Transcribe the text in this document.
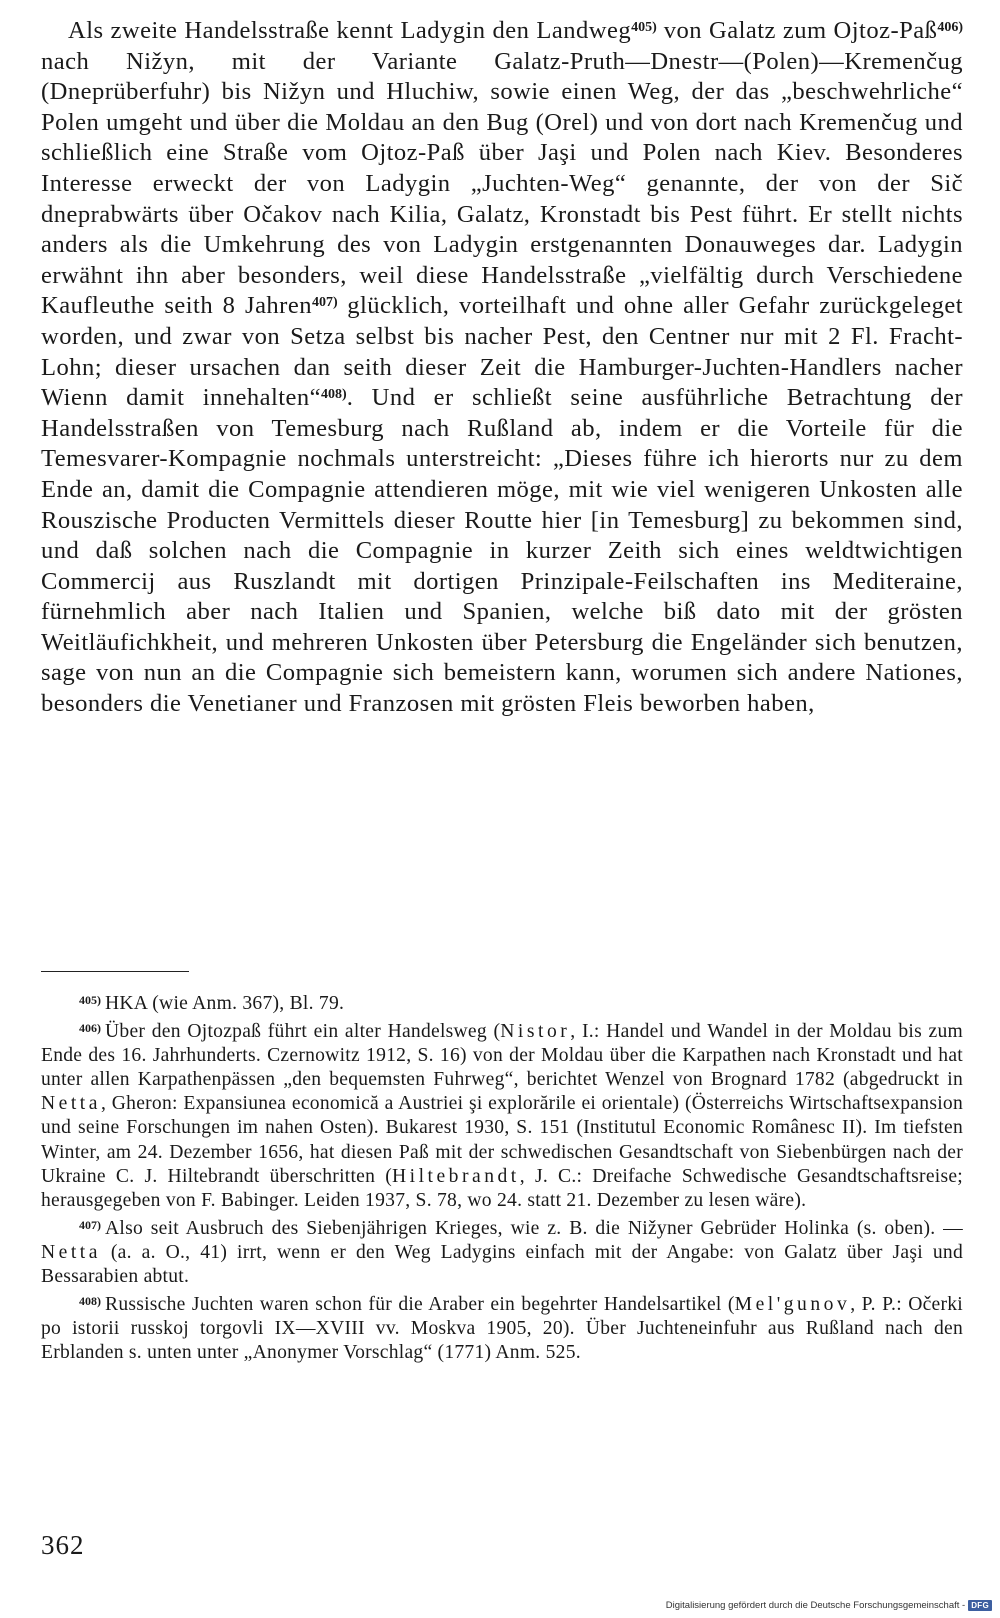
Als zweite Handelsstraße kennt Ladygin den Landweg$^{405)}$ von Galatz zum Ojtoz-Paß$^{406)}$ nach Nižyn, mit der Variante Galatz-Pruth—Dnestr—(Polen)—Kremenčug (Dneprüberfuhr) bis Nižyn und Hluchiw, sowie einen Weg, der das „beschwehrliche“ Polen umgeht und über die Moldau an den Bug (Orel) und von dort nach Kremenčug und schließlich eine Straße vom Ojtoz-Paß über Jaşi und Polen nach Kiev. Besonderes Interesse erweckt der von Ladygin „Juchten-Weg“ genannte, der von der Sič dneprabwärts über Očakov nach Kilia, Galatz, Kronstadt bis Pest führt. Er stellt nichts anders als die Umkehrung des von Ladygin erstgenannten Donauweges dar. Ladygin erwähnt ihn aber besonders, weil diese Handelsstraße „vielfältig durch Verschiedene Kaufleuthe seith 8 Jahren$^{407)}$ glücklich, vorteilhaft und ohne aller Gefahr zurückgeleget worden, und zwar von Setza selbst bis nacher Pest, den Centner nur mit 2 Fl. Fracht-Lohn; dieser ursachen dan seith dieser Zeit die Hamburger-Juchten-Handlers nacher Wienn damit innehalten“$^{408)}$. Und er schließt seine ausführliche Betrachtung der Handelsstraßen von Temesburg nach Rußland ab, indem er die Vorteile für die Temesvarer-Kompagnie nochmals unterstreicht: „Dieses führe ich hierorts nur zu dem Ende an, damit die Compagnie attendieren möge, mit wie viel wenigeren Unkosten alle Rouszische Producten Vermittels dieser Routte hier [in Temesburg] zu bekommen sind, und daß solchen nach die Compagnie in kurzer Zeith sich eines weldtwichtigen Commercij aus Ruszlandt mit dortigen Prinzipale-Feilschaften ins Mediteraine, fürnehmlich aber nach Italien und Spanien, welche biß dato mit der grösten Weitläufichkheit, und mehreren Unkosten über Petersburg die Engeländer sich benutzen, sage von nun an die Compagnie sich bemeistern kann, worumen sich andere Nationes, besonders die Venetianer und Franzosen mit grösten Fleis beworben haben,

$^{405)}$ HKA (wie Anm. 367), Bl. 79.

$^{406)}$ Über den Ojtozpaß führt ein alter Handelsweg (Nistor, I.: Handel und Wandel in der Moldau bis zum Ende des 16. Jahrhunderts. Czernowitz 1912, S. 16) von der Moldau über die Karpathen nach Kronstadt und hat unter allen Karpathenpässen „den bequemsten Fuhrweg“, berichtet Wenzel von Brognard 1782 (abgedruckt in Netta, Gheron: Expansiunea economică a Austriei şi explorările ei orientale) (Österreichs Wirtschaftsexpansion und seine Forschungen im nahen Osten). Bukarest 1930, S. 151 (Institutul Economic Românesc II). Im tiefsten Winter, am 24. Dezember 1656, hat diesen Paß mit der schwedischen Gesandtschaft von Siebenbürgen nach der Ukraine C. J. Hiltebrandt überschritten (Hiltebrandt, J. C.: Dreifache Schwedische Gesandtschaftsreise; herausgegeben von F. Babinger. Leiden 1937, S. 78, wo 24. statt 21. Dezember zu lesen wäre).

$^{407)}$ Also seit Ausbruch des Siebenjährigen Krieges, wie z. B. die Nižyner Gebrüder Holinka (s. oben). — Netta (a. a. O., 41) irrt, wenn er den Weg Ladygins einfach mit der Angabe: von Galatz über Jaşi und Bessarabien abtut.

$^{408)}$ Russische Juchten waren schon für die Araber ein begehrter Handelsartikel (Mel'gunov, P. P.: Očerki po istorii russkoj torgovli IX—XVIII vv. Moskva 1905, 20). Über Juchteneinfuhr aus Rußland nach den Erblanden s. unten unter „Anonymer Vorschlag“ (1771) Anm. 525.

362
Digitalisierung gefördert durch die Deutsche Forschungsgemeinschaft - DFG
